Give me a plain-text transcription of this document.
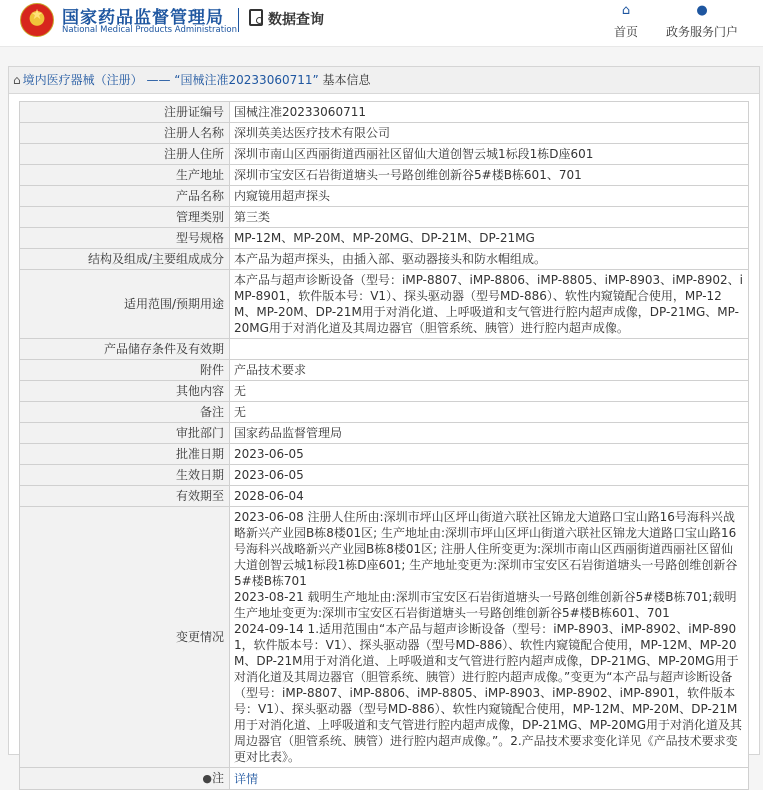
★
国家药品监督管理局
National Medical Products Administration
数据查询
⌂
首页
●
政务服务门户
⌂ 境内医疗器械（注册） —— “国械注准20233060711” 基本信息
注册证编号	国械注准20233060711
注册人名称	深圳英美达医疗技术有限公司
注册人住所	深圳市南山区西丽街道西丽社区留仙大道创智云城1标段1栋D座601
生产地址	深圳市宝安区石岩街道塘头一号路创维创新谷5#楼B栋601、701
产品名称	内窥镜用超声探头
管理类别	第三类
型号规格	MP-12M、MP-20M、MP-20MG、DP-21M、DP-21MG
结构及组成/主要组成成分	本产品为超声探头，由插入部、驱动器接头和防水帽组成。
适用范围/预期用途	本产品与超声诊断设备（型号：iMP-8807、iMP-8806、iMP-8805、iMP-8903、iMP-8902、iMP-8901，软件版本号：V1）、探头驱动器（型号MD-886）、软性内窥镜配合使用，MP-12M、MP-20M、DP-21M用于对消化道、上呼吸道和支气管进行腔内超声成像，DP-21MG、MP-20MG用于对消化道及其周边器官（胆管系统、胰管）进行腔内超声成像。
产品储存条件及有效期	
附件	产品技术要求
其他内容	无
备注	无
审批部门	国家药品监督管理局
批准日期	2023-06-05
生效日期	2023-06-05
有效期至	2028-06-04
变更情况	2023-06-08 注册人住所由:深圳市坪山区坪山街道六联社区锦龙大道路口宝山路16号海科兴战略新兴产业园B栋8楼01区; 生产地址由:深圳市坪山区坪山街道六联社区锦龙大道路口宝山路16号海科兴战略新兴产业园B栋8楼01区; 注册人住所变更为:深圳市南山区西丽街道西丽社区留仙大道创智云城1标段1栋D座601; 生产地址变更为:深圳市宝安区石岩街道塘头一号路创维创新谷5#楼B栋701
2023-08-21 载明生产地址由:深圳市宝安区石岩街道塘头一号路创维创新谷5#楼B栋701;载明生产地址变更为:深圳市宝安区石岩街道塘头一号路创维创新谷5#楼B栋601、701
2024-09-14 1.适用范围由“本产品与超声诊断设备（型号：iMP-8903、iMP-8902、iMP-8901，软件版本号：V1）、探头驱动器（型号MD-886）、软性内窥镜配合使用，MP-12M、MP-20M、DP-21M用于对消化道、上呼吸道和支气管进行腔内超声成像，DP-21MG、MP-20MG用于对消化道及其周边器官（胆管系统、胰管）进行腔内超声成像。”变更为“本产品与超声诊断设备（型号：iMP-8807、iMP-8806、iMP-8805、iMP-8903、iMP-8902、iMP-8901，软件版本号：V1）、探头驱动器（型号MD-886）、软性内窥镜配合使用，MP-12M、MP-20M、DP-21M用于对消化道、上呼吸道和支气管进行腔内超声成像，DP-21MG、MP-20MG用于对消化道及其周边器官（胆管系统、胰管）进行腔内超声成像。”。2.产品技术要求变化详见《产品技术要求变更对比表》。
●注	详情
